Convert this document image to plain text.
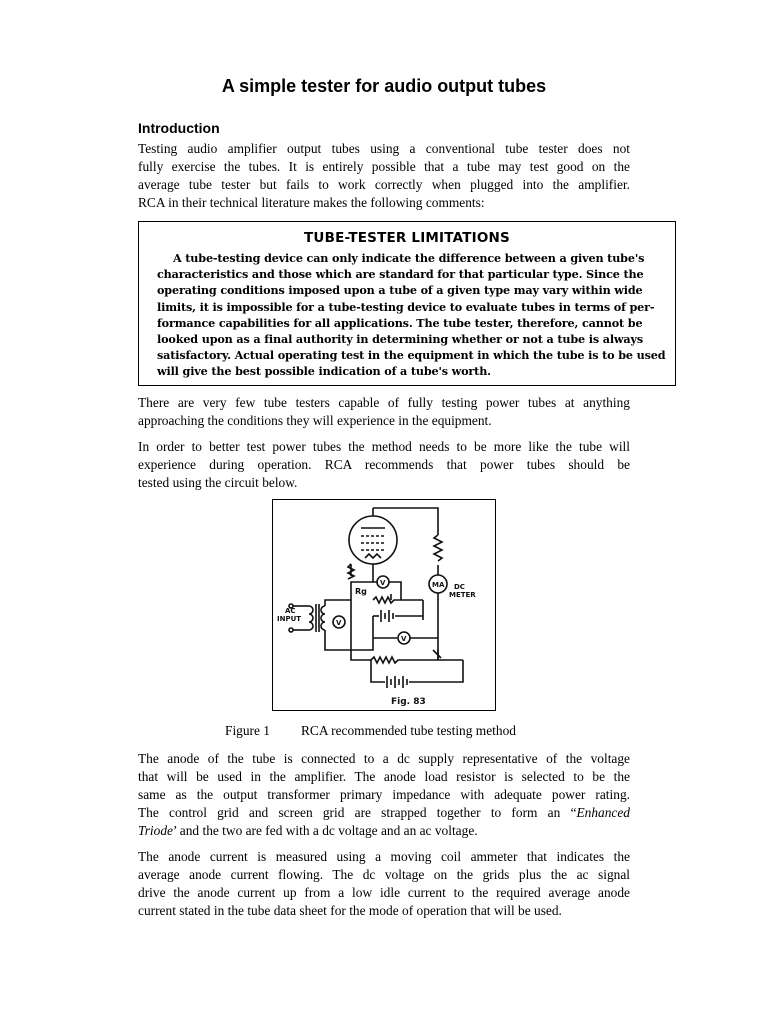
A simple tester for audio output tubes
Introduction

Testing audio amplifier output tubes using a conventional tube tester does not
fully exercise the tubes. It is entirely possible that a tube may test good on the
average tube tester but fails to work correctly when plugged into the amplifier.
RCA in their technical literature makes the following comments:

TUBE-TESTER LIMITATIONS

A tube-testing device can only indicate the difference between a given tube's
characteristics and those which are standard for that particular type. Since the
operating conditions imposed upon a tube of a given type may vary within wide
limits, it is impossible for a tube-testing device to evaluate tubes in terms of per-
formance capabilities for all applications. The tube tester, therefore, cannot be
looked upon as a final authority in determining whether or not a tube is always
satisfactory. Actual operating test in the equipment in which the tube is to be used
will give the best possible indication of a tube's worth.

There are very few tube testers capable of fully testing power tubes at anything
approaching the conditions they will experience in the equipment.

In order to better test power tubes the method needs to be more like the tube will
experience during operation. RCA recommends that power tubes should be
tested using the circuit below.

MA DC
METER
Rg
V
V
AC
INPUT	V
Fig. 83

Figure 1 RCA recommended tube testing method

The anode of the tube is connected to a dc supply representative of the voltage
that will be used in the amplifier. The anode load resistor is selected to be the
same as the output transformer primary impedance with adequate power rating.
The control grid and screen grid are strapped together to form an “Enhanced
Triode’ and the two are fed with a dc voltage and an ac voltage.

The anode current is measured using a moving coil ammeter that indicates the
average anode current flowing. The dc voltage on the grids plus the ac signal
drive the anode current up from a low idle current to the required average anode
current stated in the tube data sheet for the mode of operation that will be used.
